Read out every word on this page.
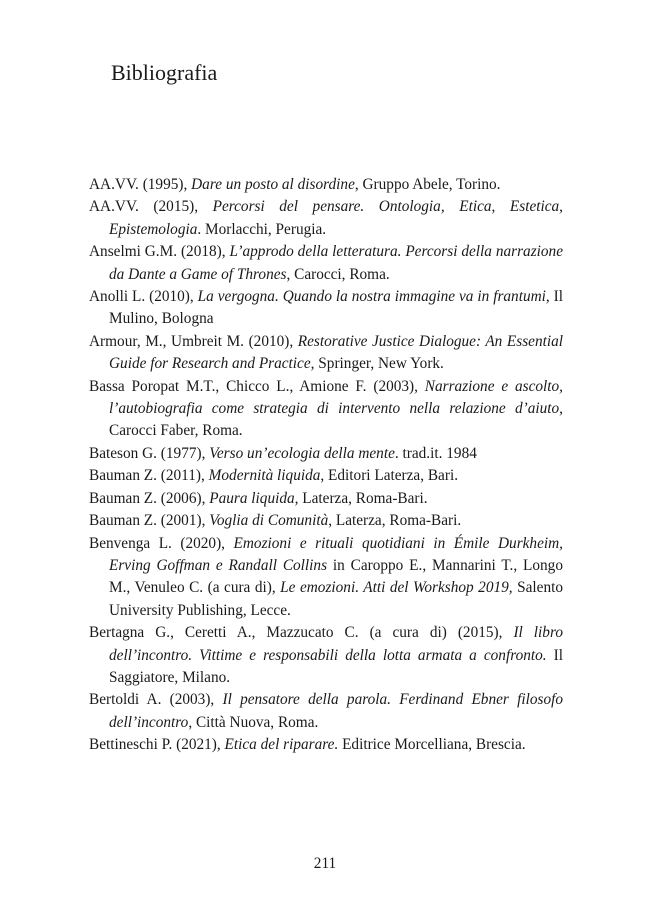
Bibliografia
AA.VV. (1995), Dare un posto al disordine, Gruppo Abele, Torino.
AA.VV. (2015), Percorsi del pensare. Ontologia, Etica, Estetica, Epistemologia. Morlacchi, Perugia.
Anselmi G.M. (2018), L’approdo della letteratura. Percorsi della narrazione da Dante a Game of Thrones, Carocci, Roma.
Anolli L. (2010), La vergogna. Quando la nostra immagine va in frantumi, Il Mulino, Bologna
Armour, M., Umbreit M. (2010), Restorative Justice Dialogue: An Essential Guide for Research and Practice, Springer, New York.
Bassa Poropat M.T., Chicco L., Amione F. (2003), Narrazione e ascolto, l’autobiografia come strategia di intervento nella relazione d’aiuto, Carocci Faber, Roma.
Bateson G. (1977), Verso un’ecologia della mente. trad.it. 1984
Bauman Z. (2011), Modernità liquida, Editori Laterza, Bari.
Bauman Z. (2006), Paura liquida, Laterza, Roma-Bari.
Bauman Z. (2001), Voglia di Comunità, Laterza, Roma-Bari.
Benvenga L. (2020), Emozioni e rituali quotidiani in Émile Durkheim, Erving Goffman e Randall Collins in Caroppo E., Mannarini T., Longo M., Venuleo C. (a cura di), Le emozioni. Atti del Workshop 2019, Salento University Publishing, Lecce.
Bertagna G., Ceretti A., Mazzucato C. (a cura di) (2015), Il libro dell’incontro. Vittime e responsabili della lotta armata a confronto. Il Saggiatore, Milano.
Bertoldi A. (2003), Il pensatore della parola. Ferdinand Ebner filosofo dell’incontro, Città Nuova, Roma.
Bettineschi P. (2021), Etica del riparare. Editrice Morcelliana, Brescia.
211
